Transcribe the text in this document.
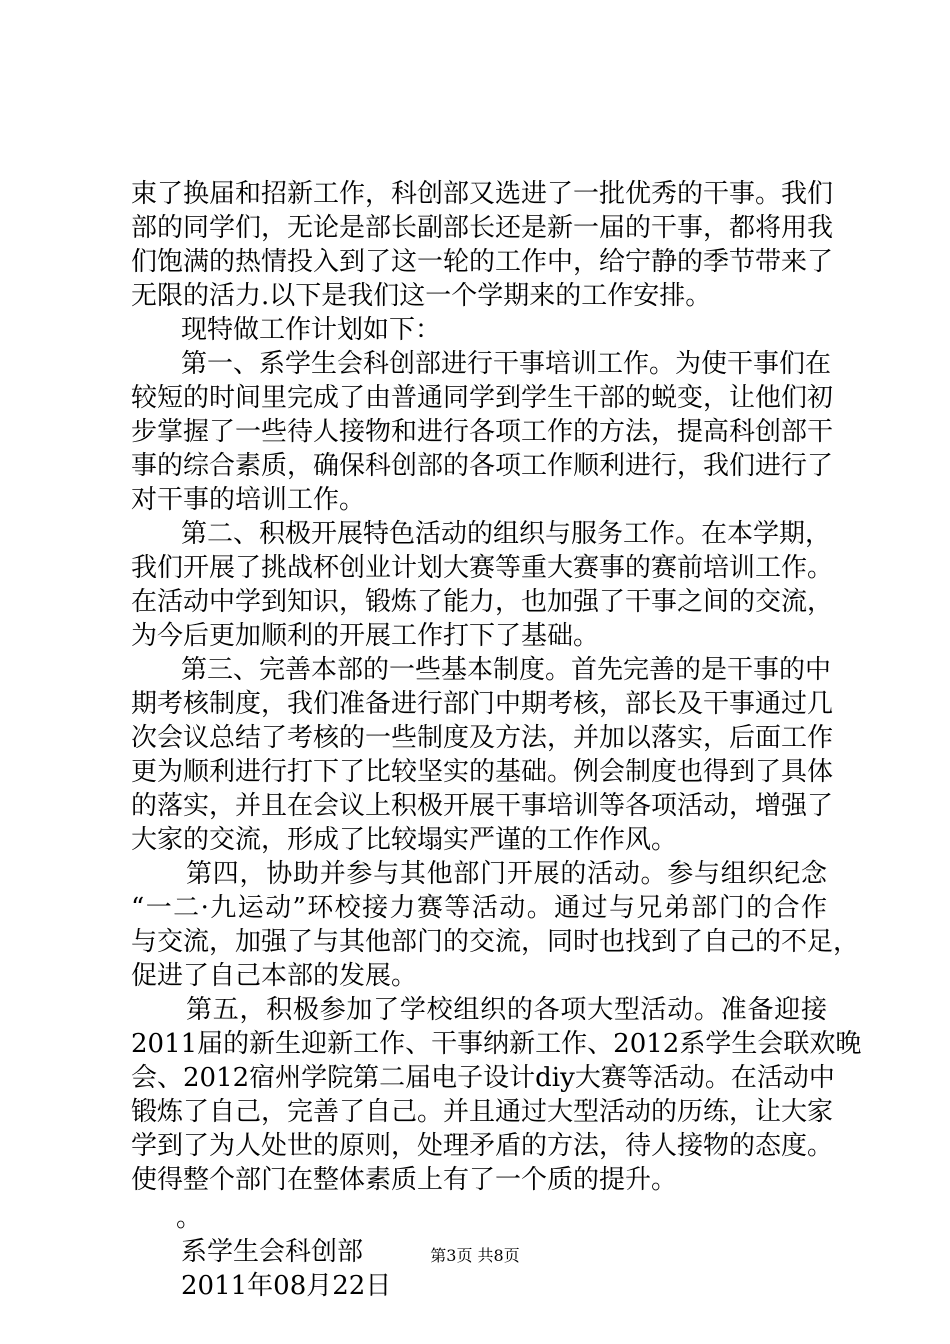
束了换届和招新工作，科创部又选进了一批优秀的干事。我们
部的同学们，无论是部长副部长还是新一届的干事，都将用我
们饱满的热情投入到了这一轮的工作中，给宁静的季节带来了
无限的活力.以下是我们这一个学期来的工作安排。
现特做工作计划如下：
第一、系学生会科创部进行干事培训工作。为使干事们在
较短的时间里完成了由普通同学到学生干部的蜕变，让他们初
步掌握了一些待人接物和进行各项工作的方法，提高科创部干
事的综合素质，确保科创部的各项工作顺利进行，我们进行了
对干事的培训工作。
第二、积极开展特色活动的组织与服务工作。在本学期，
我们开展了挑战杯创业计划大赛等重大赛事的赛前培训工作。
在活动中学到知识，锻炼了能力，也加强了干事之间的交流，
为今后更加顺利的开展工作打下了基础。
第三、完善本部的一些基本制度。首先完善的是干事的中
期考核制度，我们准备进行部门中期考核，部长及干事通过几
次会议总结了考核的一些制度及方法，并加以落实，后面工作
更为顺利进行打下了比较坚实的基础。例会制度也得到了具体
的落实，并且在会议上积极开展干事培训等各项活动，增强了
大家的交流，形成了比较塌实严谨的工作作风。
第四，协助并参与其他部门开展的活动。参与组织纪念
“一二·九运动”环校接力赛等活动。通过与兄弟部门的合作
与交流，加强了与其他部门的交流，同时也找到了自己的不足，
促进了自己本部的发展。
第五，积极参加了学校组织的各项大型活动。准备迎接
2011届的新生迎新工作、干事纳新工作、2012系学生会联欢晚
会、2012宿州学院第二届电子设计diy大赛等活动。在活动中
锻炼了自己，完善了自己。并且通过大型活动的历练，让大家
学到了为人处世的原则，处理矛盾的方法，待人接物的态度。
使得整个部门在整体素质上有了一个质的提升。
。
系学生会科创部
2011年08月22日
第3页 共8页
